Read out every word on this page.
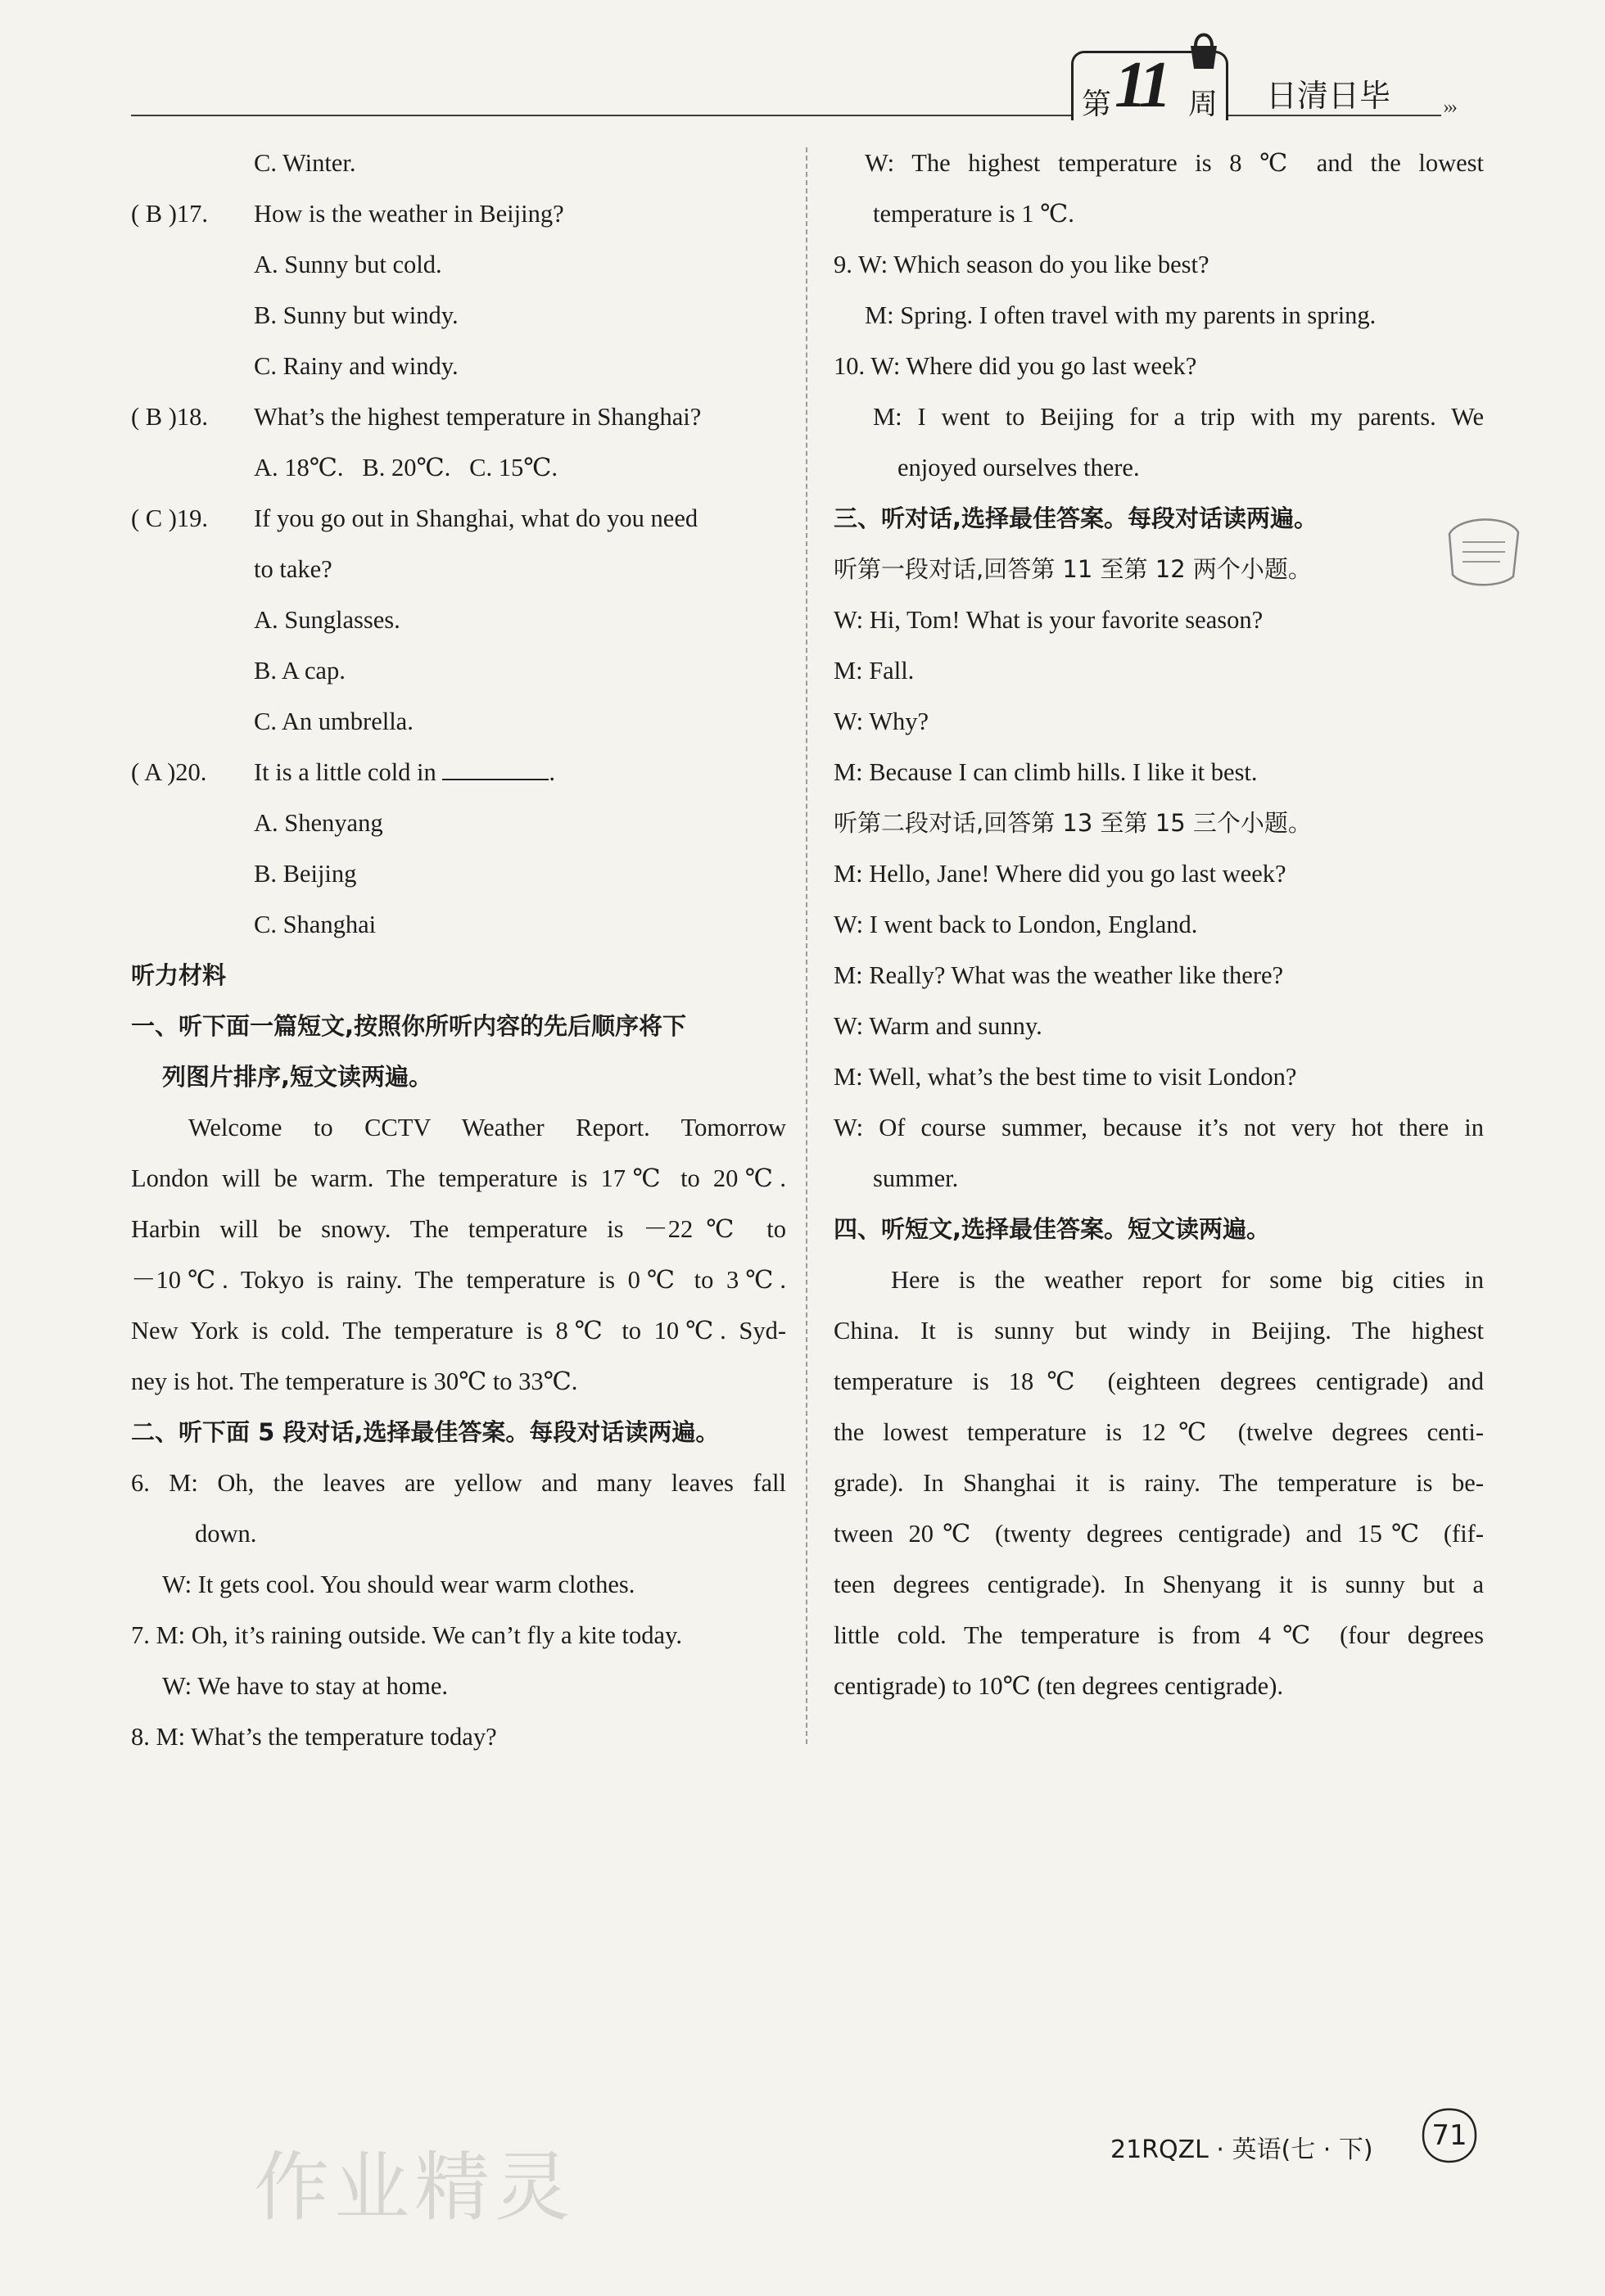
第 11 周 日清日毕	›››
C. Winter.
( B )17. How is the weather in Beijing?
A. Sunny but cold.
B. Sunny but windy.
C. Rainy and windy.
( B )18. What’s the highest temperature in Shanghai?
A. 18℃.   B. 20℃.   C. 15℃.
( C )19. If you go out in Shanghai, what do you need
to take?
A. Sunglasses.
B. A cap.
C. An umbrella.
( A )20. It is a little cold in	.
A. Shenyang
B. Beijing
C. Shanghai
听力材料
一、听下面一篇短文,按照你所听内容的先后顺序将下
列图片排序,短文读两遍。
Welcome to CCTV Weather Report. Tomorrow
London will be warm. The temperature is 17℃ to 20℃.
Harbin will be snowy. The temperature is －22℃ to
－10℃. Tokyo is rainy. The temperature is 0℃ to 3℃.
New York is cold. The temperature is 8℃ to 10℃. Syd-
ney is hot. The temperature is 30℃ to 33℃.
二、听下面 5 段对话,选择最佳答案。每段对话读两遍。
6. M: Oh, the leaves are yellow and many leaves fall
down.
W: It gets cool. You should wear warm clothes.
7. M: Oh, it’s raining outside. We can’t fly a kite today.
W: We have to stay at home.
8. M: What’s the temperature today?
W: The highest temperature is 8 ℃ and the lowest
temperature is 1 ℃.
9. W: Which season do you like best?
M: Spring. I often travel with my parents in spring.
10. W: Where did you go last week?
M: I went to Beijing for a trip with my parents. We
enjoyed ourselves there.
三、听对话,选择最佳答案。每段对话读两遍。
听第一段对话,回答第 11 至第 12 两个小题。
W: Hi, Tom! What is your favorite season?
M: Fall.
W: Why?
M: Because I can climb hills. I like it best.
听第二段对话,回答第 13 至第 15 三个小题。
M: Hello, Jane! Where did you go last week?
W: I went back to London, England.
M: Really? What was the weather like there?
W: Warm and sunny.
M: Well, what’s the best time to visit London?
W: Of course summer, because it’s not very hot there in
summer.
四、听短文,选择最佳答案。短文读两遍。
Here is the weather report for some big cities in
China. It is sunny but windy in Beijing. The highest
temperature is 18℃ (eighteen degrees centigrade) and
the lowest temperature is 12℃ (twelve degrees centi-
grade). In Shanghai it is rainy. The temperature is be-
tween 20℃ (twenty degrees centigrade) and 15℃ (fif-
teen degrees centigrade). In Shenyang it is sunny but a
little cold. The temperature is from 4℃ (four degrees
centigrade) to 10℃ (ten degrees centigrade).
作业精灵	21RQZL · 英语(七 · 下)	71
